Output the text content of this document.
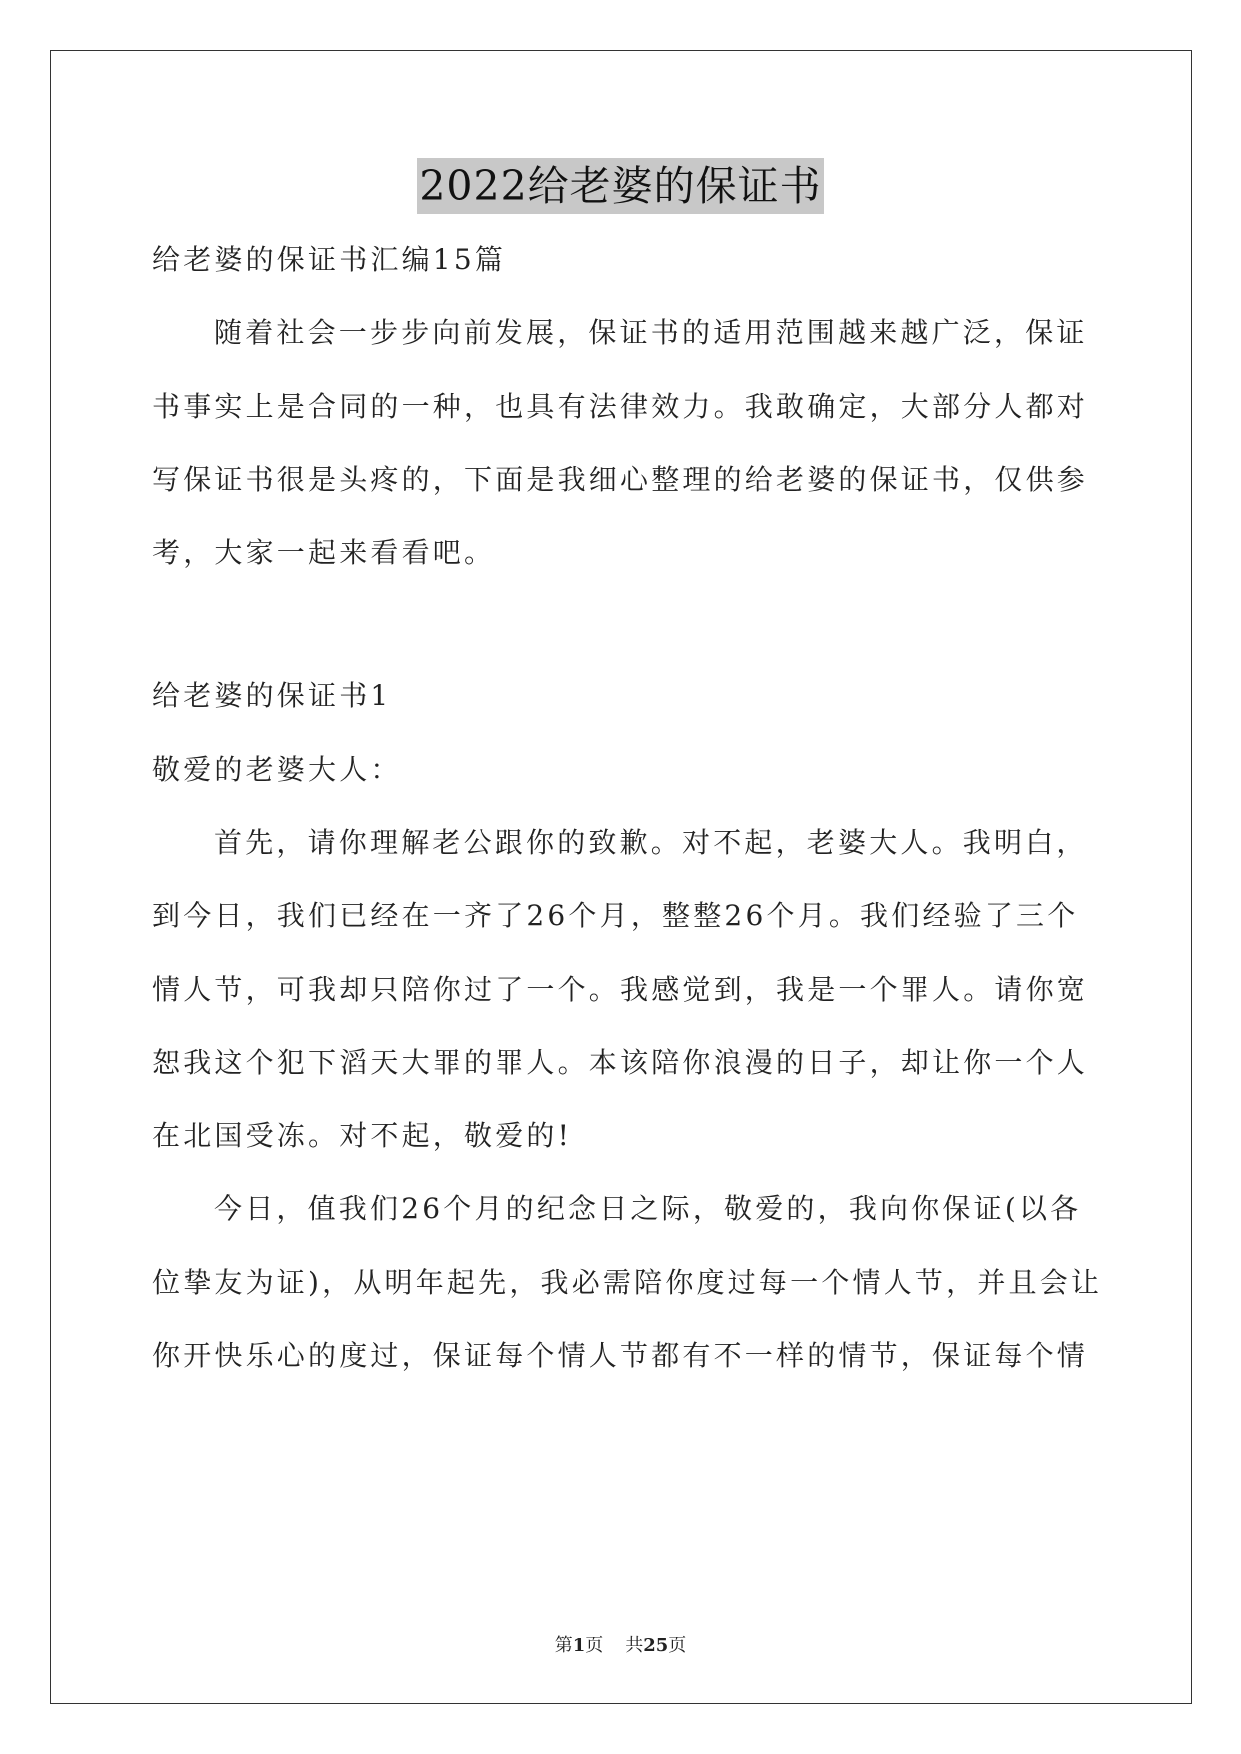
2022给老婆的保证书
给老婆的保证书汇编15篇
随着社会一步步向前发展，保证书的适用范围越来越广泛，保证
书事实上是合同的一种，也具有法律效力。我敢确定，大部分人都对
写保证书很是头疼的，下面是我细心整理的给老婆的保证书，仅供参
考，大家一起来看看吧。
给老婆的保证书1
敬爱的老婆大人：
首先，请你理解老公跟你的致歉。对不起，老婆大人。我明白，
到今日，我们已经在一齐了26个月，整整26个月。我们经验了三个
情人节，可我却只陪你过了一个。我感觉到，我是一个罪人。请你宽
恕我这个犯下滔天大罪的罪人。本该陪你浪漫的日子，却让你一个人
在北国受冻。对不起，敬爱的!
今日，值我们26个月的纪念日之际，敬爱的，我向你保证(以各
位挚友为证)，从明年起先，我必需陪你度过每一个情人节，并且会让
你开快乐心的度过，保证每个情人节都有不一样的情节，保证每个情
第1页 共25页
